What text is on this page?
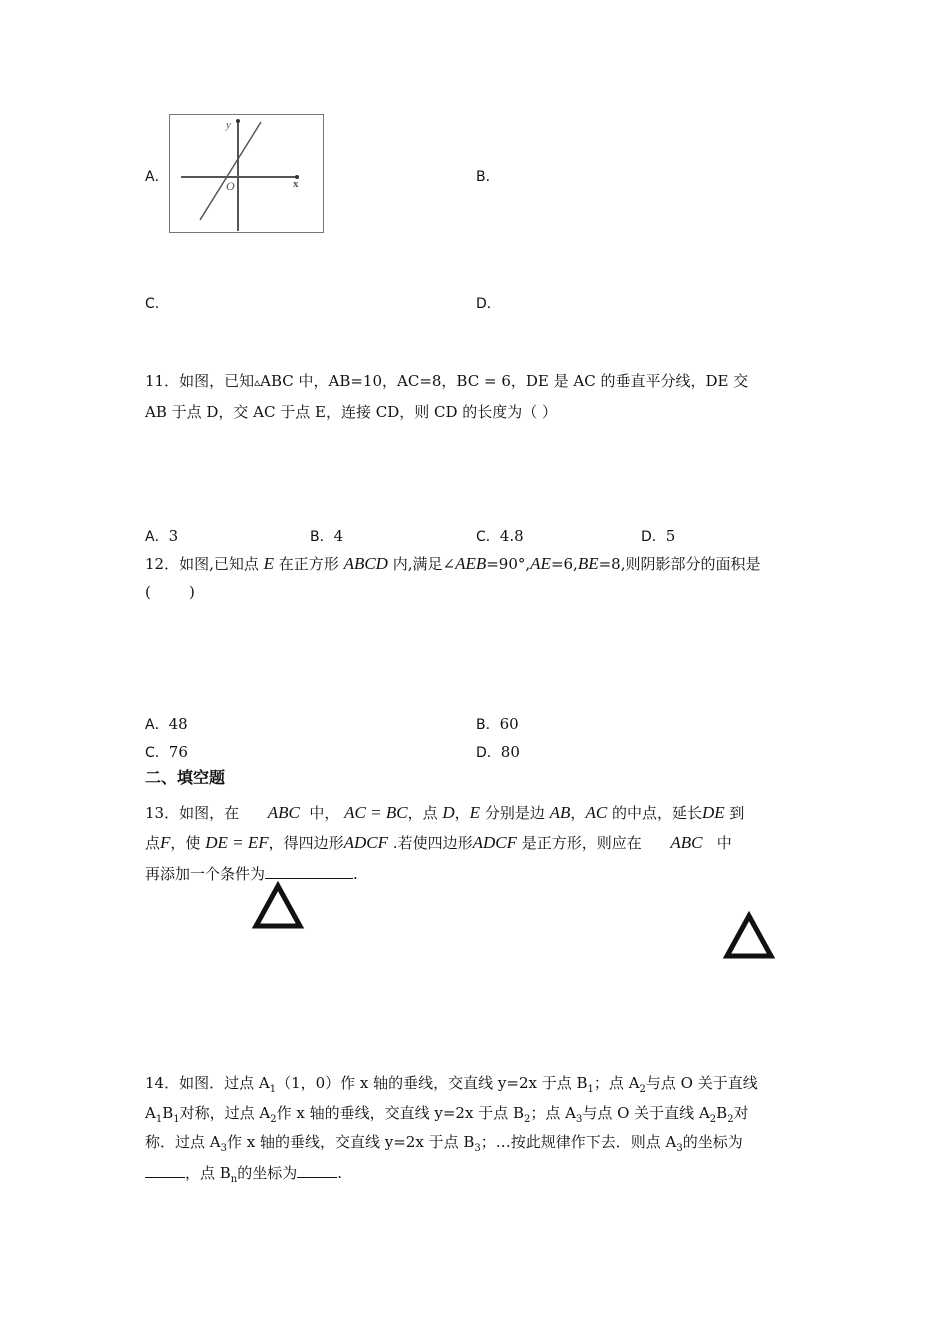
A．	B．
C．	D．
y
x
O
11．如图，已知▵ABC 中，AB=10，AC=8，BC = 6，DE 是 AC 的垂直平分线，DE 交
AB 于点 D，交 AC 于点 E，连接 CD，则 CD 的长度为（ ）
A．3	B．4	C．4.8	D．5
12．如图,已知点 E 在正方形 ABCD 内,满足∠AEB=90°,AE=6,BE=8,则阴影部分的面积是
(        )
A．48	B．60
C．76	D．80
二、填空题
13．如图，在 ABC 中， AC = BC，点 D，E 分别是边 AB，AC 的中点，延长DE 到
点F，使 DE = EF，得四边形ADCF .若使四边形ADCF 是正方形，则应在 ABC 中
再添加一个条件为	.
14．如图．过点 $A_1(1$，0）作 x 轴的垂线，交直线 y=2x 于点 $B_1$；点 $A_2$与点 O 关于直线
$A_1B_1$对称，过点 $A_2$作 x 轴的垂线，交直线 y=2x 于点 $B_2$；点 $A_3$与点 O 关于直线 $A_2B_2$对
称．过点 $A_3$作 x 轴的垂线，交直线 y=2x 于点 $B_3$；…按此规律作下去．则点 $A_3$的坐标为
，点 $B_n$的坐标为	.
